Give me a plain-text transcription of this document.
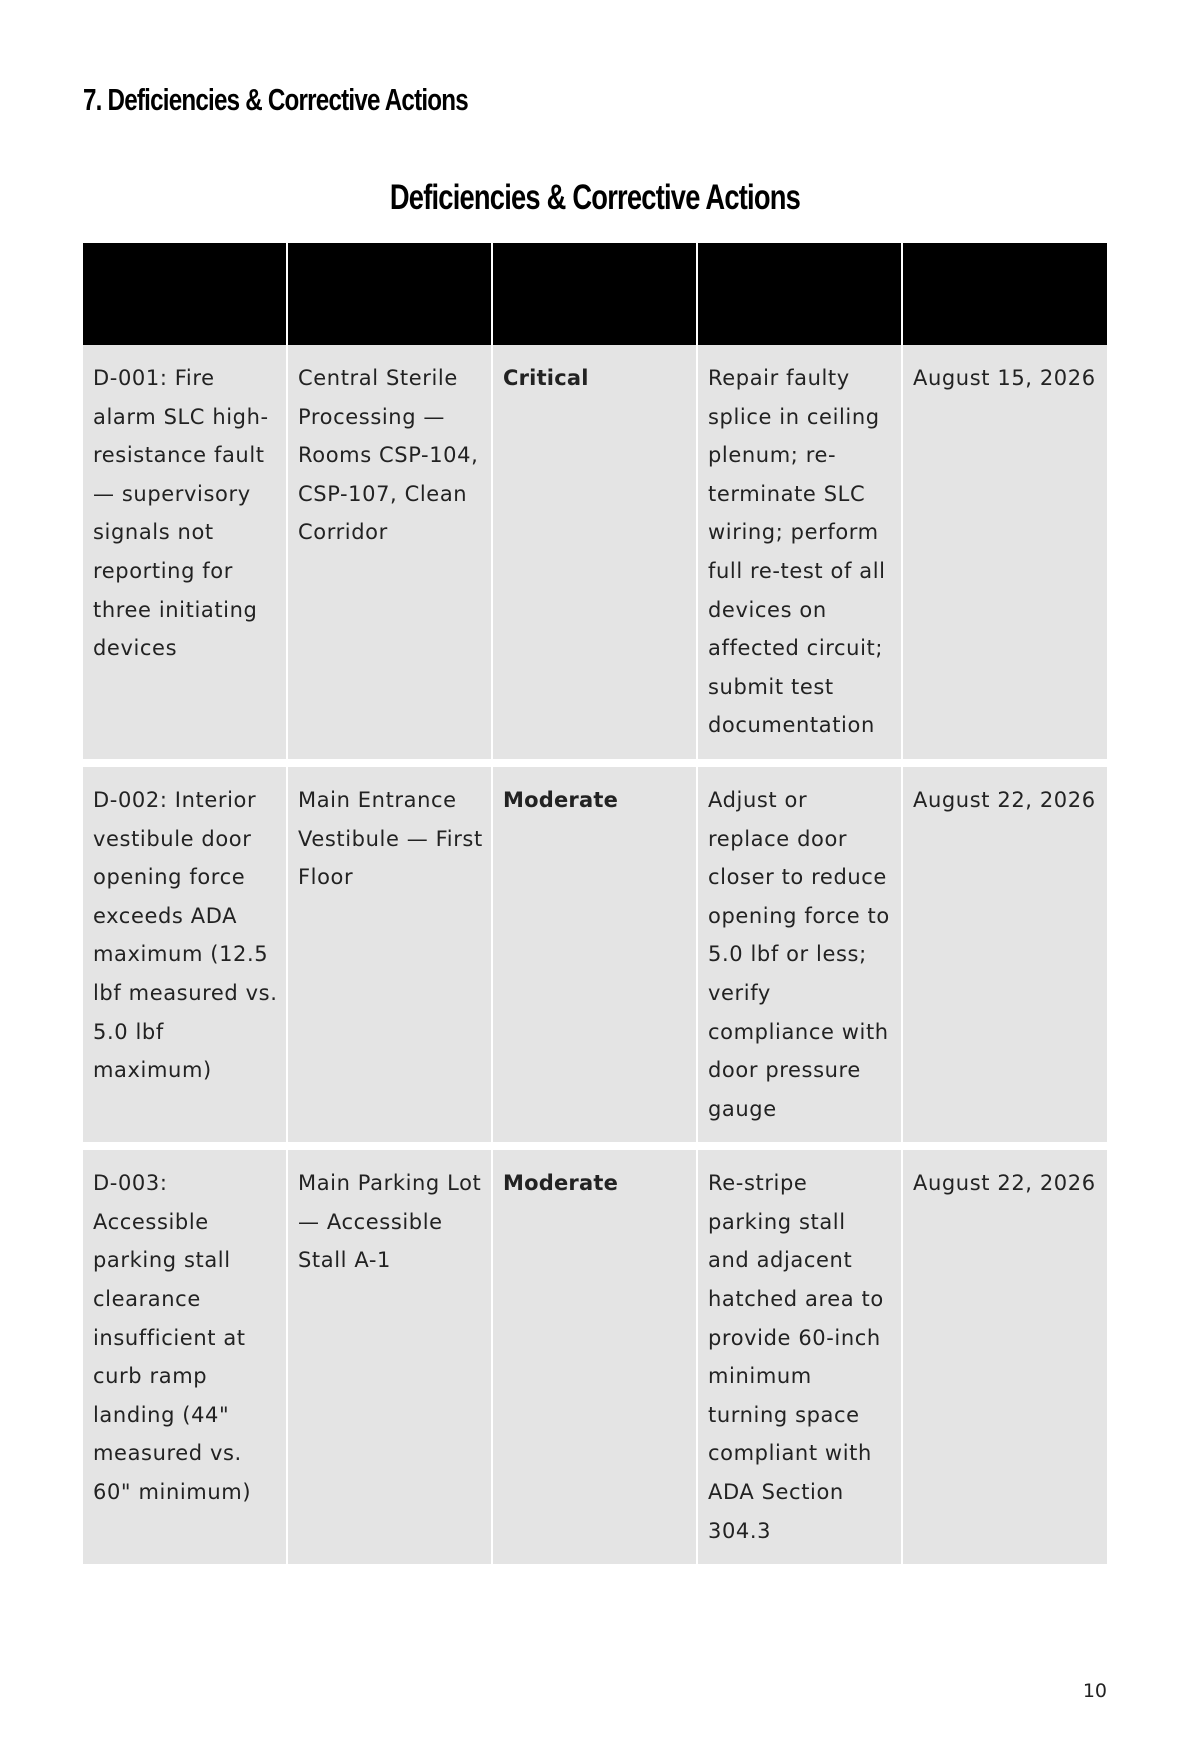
7. Deficiencies & Corrective Actions
Deficiencies & Corrective Actions

D-001: Fire alarm SLC high-resistance fault — supervisory signals not reporting for three initiating devices	Central Sterile Processing — Rooms CSP-104, CSP-107, Clean Corridor	Critical	Repair faulty splice in ceiling plenum; re-terminate SLC wiring; perform full re-test of all devices on affected circuit; submit test documentation	August 15, 2026
D-002: Interior vestibule door opening force exceeds ADA maximum (12.5 lbf measured vs. 5.0 lbf maximum)	Main Entrance Vestibule — First Floor	Moderate	Adjust or replace door closer to reduce opening force to 5.0 lbf or less; verify compliance with door pressure gauge	August 22, 2026
D-003: Accessible parking stall clearance insufficient at curb ramp landing (44" measured vs. 60" minimum)	Main Parking Lot — Accessible Stall A-1	Moderate	Re-stripe parking stall and adjacent hatched area to provide 60-inch minimum turning space compliant with ADA Section 304.3	August 22, 2026
10
